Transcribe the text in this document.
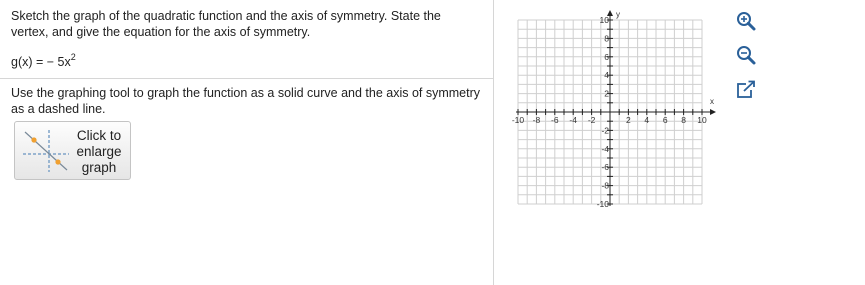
Sketch the graph of the quadratic function and the axis of symmetry. State the vertex, and give the equation for the axis of symmetry.
g(x) = − $5x^2$
Use the graphing tool to graph the function as a solid curve and the axis of symmetry as a dashed line.
Click to
enlarge
graph
-10 -8 -6 -4 -2	2 4 6 8 10
10
8
6
4
2
-2
-4
-6
-8
-10
x
y
